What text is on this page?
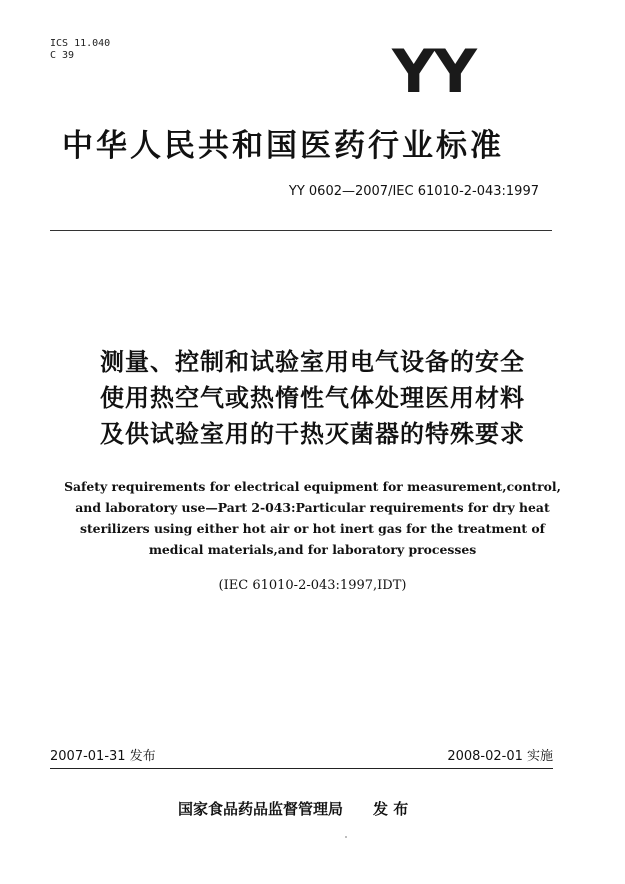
ICS 11.040
C 39	YY
中华人民共和国医药行业标准
YY 0602—2007/IEC 61010-2-043:1997
测量、控制和试验室用电气设备的安全
使用热空气或热惰性气体处理医用材料
及供试验室用的干热灭菌器的特殊要求
Safety requirements for electrical equipment for measurement,control,
and laboratory use—Part 2-043:Particular requirements for dry heat
sterilizers using either hot air or hot inert gas for the treatment of
medical materials,and for laboratory processes
(IEC 61010-2-043:1997,IDT)
2007-01-31 发布	2008-02-01 实施
国家食品药品监督管理局 发 布
